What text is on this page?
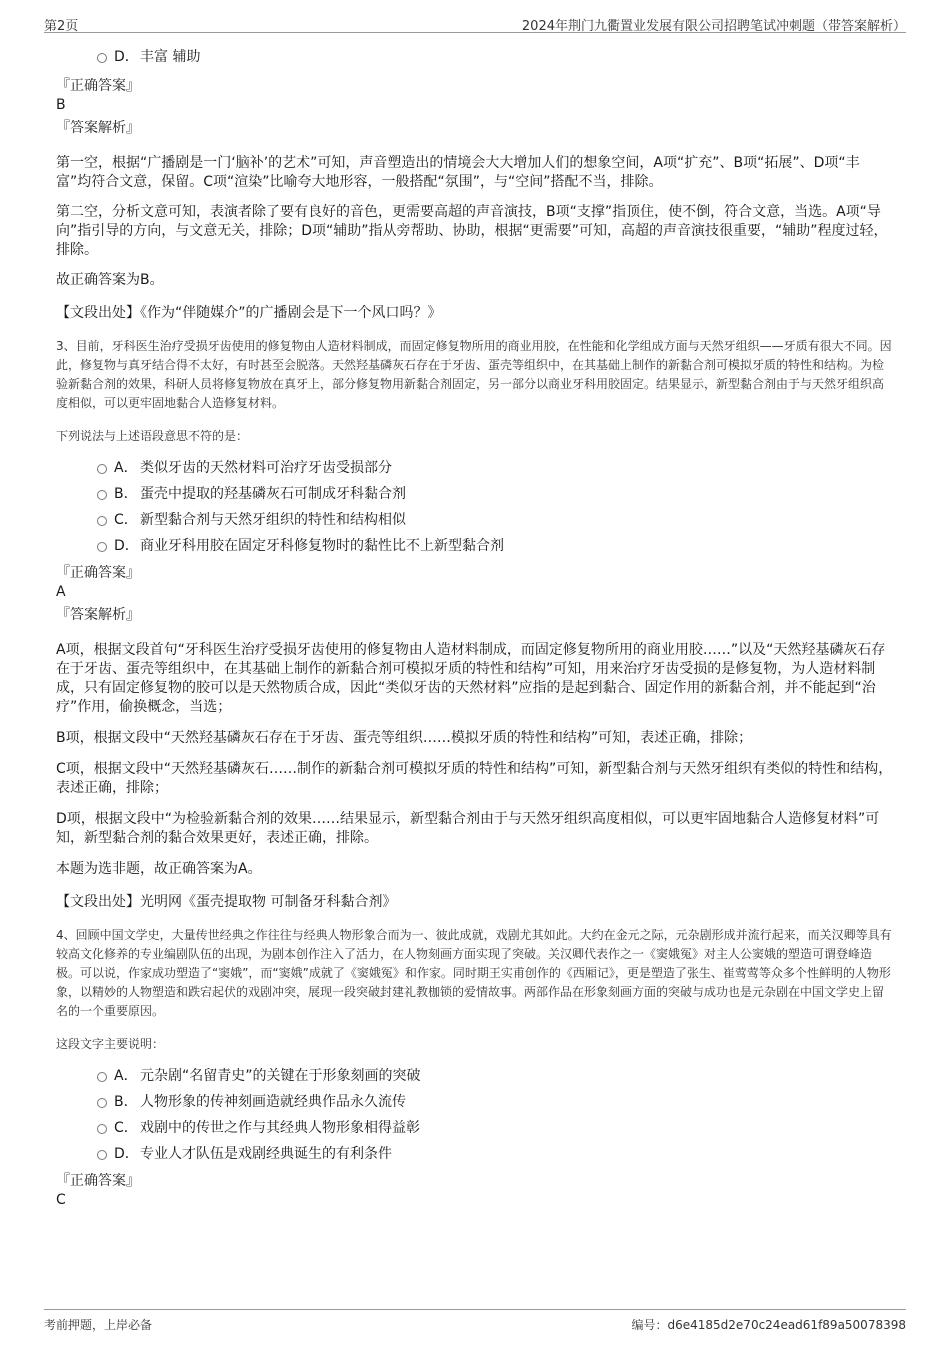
第2页	2024年荆门九衢置业发展有限公司招聘笔试冲刺题（带答案解析）
D．丰富 辅助
『正确答案』
B
『答案解析』

第一空，根据“广播剧是一门‘脑补’的艺术”可知，声音塑造出的情境会大大增加人们的想象空间，A项“扩充”、B项“拓展”、D项“丰富”均符合文意，保留。C项“渲染”比喻夸大地形容，一般搭配“氛围”，与“空间”搭配不当，排除。

第二空，分析文意可知，表演者除了要有良好的音色，更需要高超的声音演技，B项“支撑”指顶住，使不倒，符合文意，当选。A项“导向”指引导的方向，与文意无关，排除；D项“辅助”指从旁帮助、协助，根据“更需要”可知，高超的声音演技很重要，“辅助”程度过轻，排除。

故正确答案为B。

【文段出处】《作为“伴随媒介”的广播剧会是下一个风口吗？》

3、目前，牙科医生治疗受损牙齿使用的修复物由人造材料制成，而固定修复物所用的商业用胶，在性能和化学组成方面与天然牙组织——牙质有很大不同。因此，修复物与真牙结合得不太好，有时甚至会脱落。天然羟基磷灰石存在于牙齿、蛋壳等组织中，在其基础上制作的新黏合剂可模拟牙质的特性和结构。为检验新黏合剂的效果，科研人员将修复物放在真牙上，部分修复物用新黏合剂固定，另一部分以商业牙科用胶固定。结果显示，新型黏合剂由于与天然牙组织高度相似，可以更牢固地黏合人造修复材料。

下列说法与上述语段意思不符的是：

A． 类似牙齿的天然材料可治疗牙齿受损部分
B． 蛋壳中提取的羟基磷灰石可制成牙科黏合剂
C． 新型黏合剂与天然牙组织的特性和结构相似
D．商业牙科用胶在固定牙科修复物时的黏性比不上新型黏合剂
『正确答案』
A
『答案解析』

A项，根据文段首句“牙科医生治疗受损牙齿使用的修复物由人造材料制成，而固定修复物所用的商业用胶……”以及“天然羟基磷灰石存在于牙齿、蛋壳等组织中，在其基础上制作的新黏合剂可模拟牙质的特性和结构”可知，用来治疗牙齿受损的是修复物，为人造材料制成，只有固定修复物的胶可以是天然物质合成，因此“类似牙齿的天然材料”应指的是起到黏合、固定作用的新黏合剂，并不能起到“治疗”作用，偷换概念，当选；

B项，根据文段中“天然羟基磷灰石存在于牙齿、蛋壳等组织……模拟牙质的特性和结构”可知，表述正确，排除；

C项，根据文段中“天然羟基磷灰石……制作的新黏合剂可模拟牙质的特性和结构”可知，新型黏合剂与天然牙组织有类似的特性和结构，表述正确，排除；

D项，根据文段中“为检验新黏合剂的效果……结果显示，新型黏合剂由于与天然牙组织高度相似，可以更牢固地黏合人造修复材料”可知，新型黏合剂的黏合效果更好，表述正确，排除。

本题为选非题，故正确答案为A。

【文段出处】光明网《蛋壳提取物 可制备牙科黏合剂》

4、回顾中国文学史，大量传世经典之作往往与经典人物形象合而为一、彼此成就，戏剧尤其如此。大约在金元之际，元杂剧形成并流行起来，而关汉卿等具有较高文化修养的专业编剧队伍的出现，为剧本创作注入了活力，在人物刻画方面实现了突破。关汉卿代表作之一《窦娥冤》对主人公窦娥的塑造可谓登峰造极。可以说，作家成功塑造了“窦娥”，而“窦娥”成就了《窦娥冤》和作家。同时期王实甫创作的《西厢记》，更是塑造了张生、崔莺莺等众多个性鲜明的人物形象，以精妙的人物塑造和跌宕起伏的戏剧冲突，展现一段突破封建礼教枷锁的爱情故事。两部作品在形象刻画方面的突破与成功也是元杂剧在中国文学史上留名的一个重要原因。

这段文字主要说明：

A． 元杂剧“名留青史”的关键在于形象刻画的突破
B． 人物形象的传神刻画造就经典作品永久流传
C． 戏剧中的传世之作与其经典人物形象相得益彰
D．专业人才队伍是戏剧经典诞生的有利条件
『正确答案』
C
考前押题，上岸必备	编号：d6e4185d2e70c24ead61f89a50078398
